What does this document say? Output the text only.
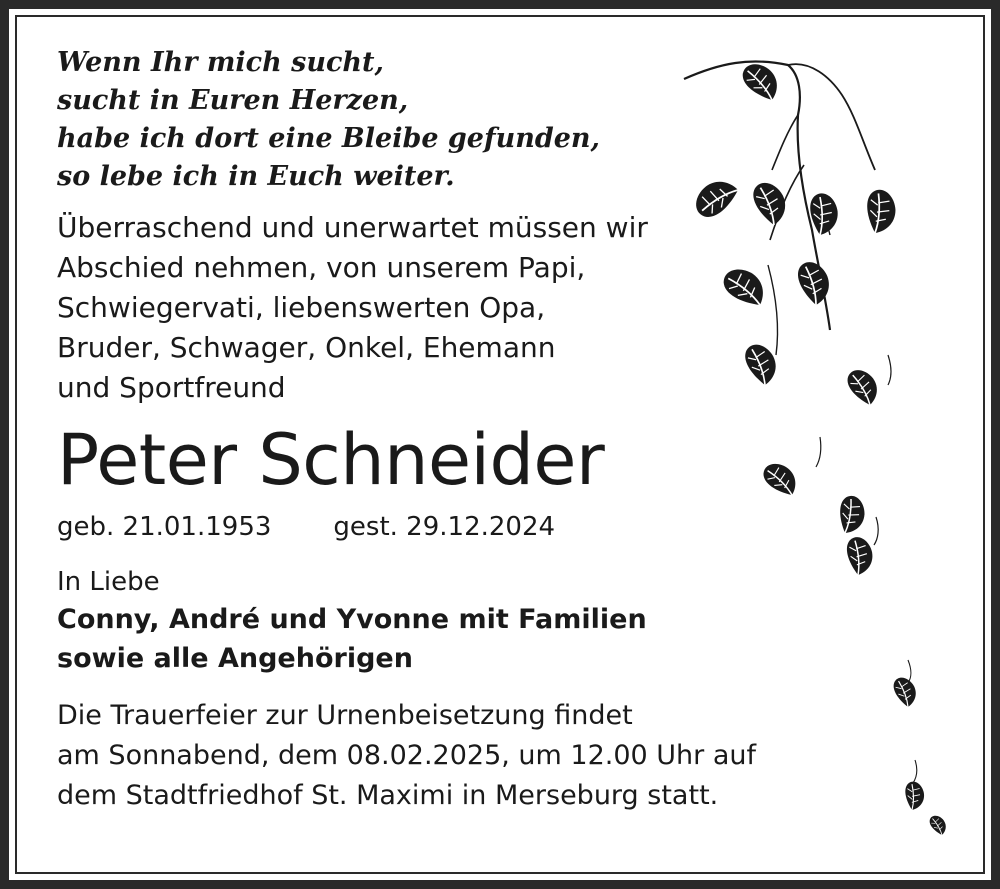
Wenn Ihr mich sucht,
sucht in Euren Herzen,
habe ich dort eine Bleibe gefunden,
so lebe ich in Euch weiter.

Überraschend und unerwartet müssen wir
Abschied nehmen, von unserem Papi,
Schwiegervati, liebenswerten Opa,
Bruder, Schwager, Onkel, Ehemann
und Sportfreund

Peter Schneider

geb. 21.01.1953 gest. 29.12.2024

In Liebe

Conny, André und Yvonne mit Familien
sowie alle Angehörigen

Die Trauerfeier zur Urnenbeisetzung findet
am Sonnabend, dem 08.02.2025, um 12.00 Uhr auf
dem Stadtfriedhof St. Maximi in Merseburg statt.
